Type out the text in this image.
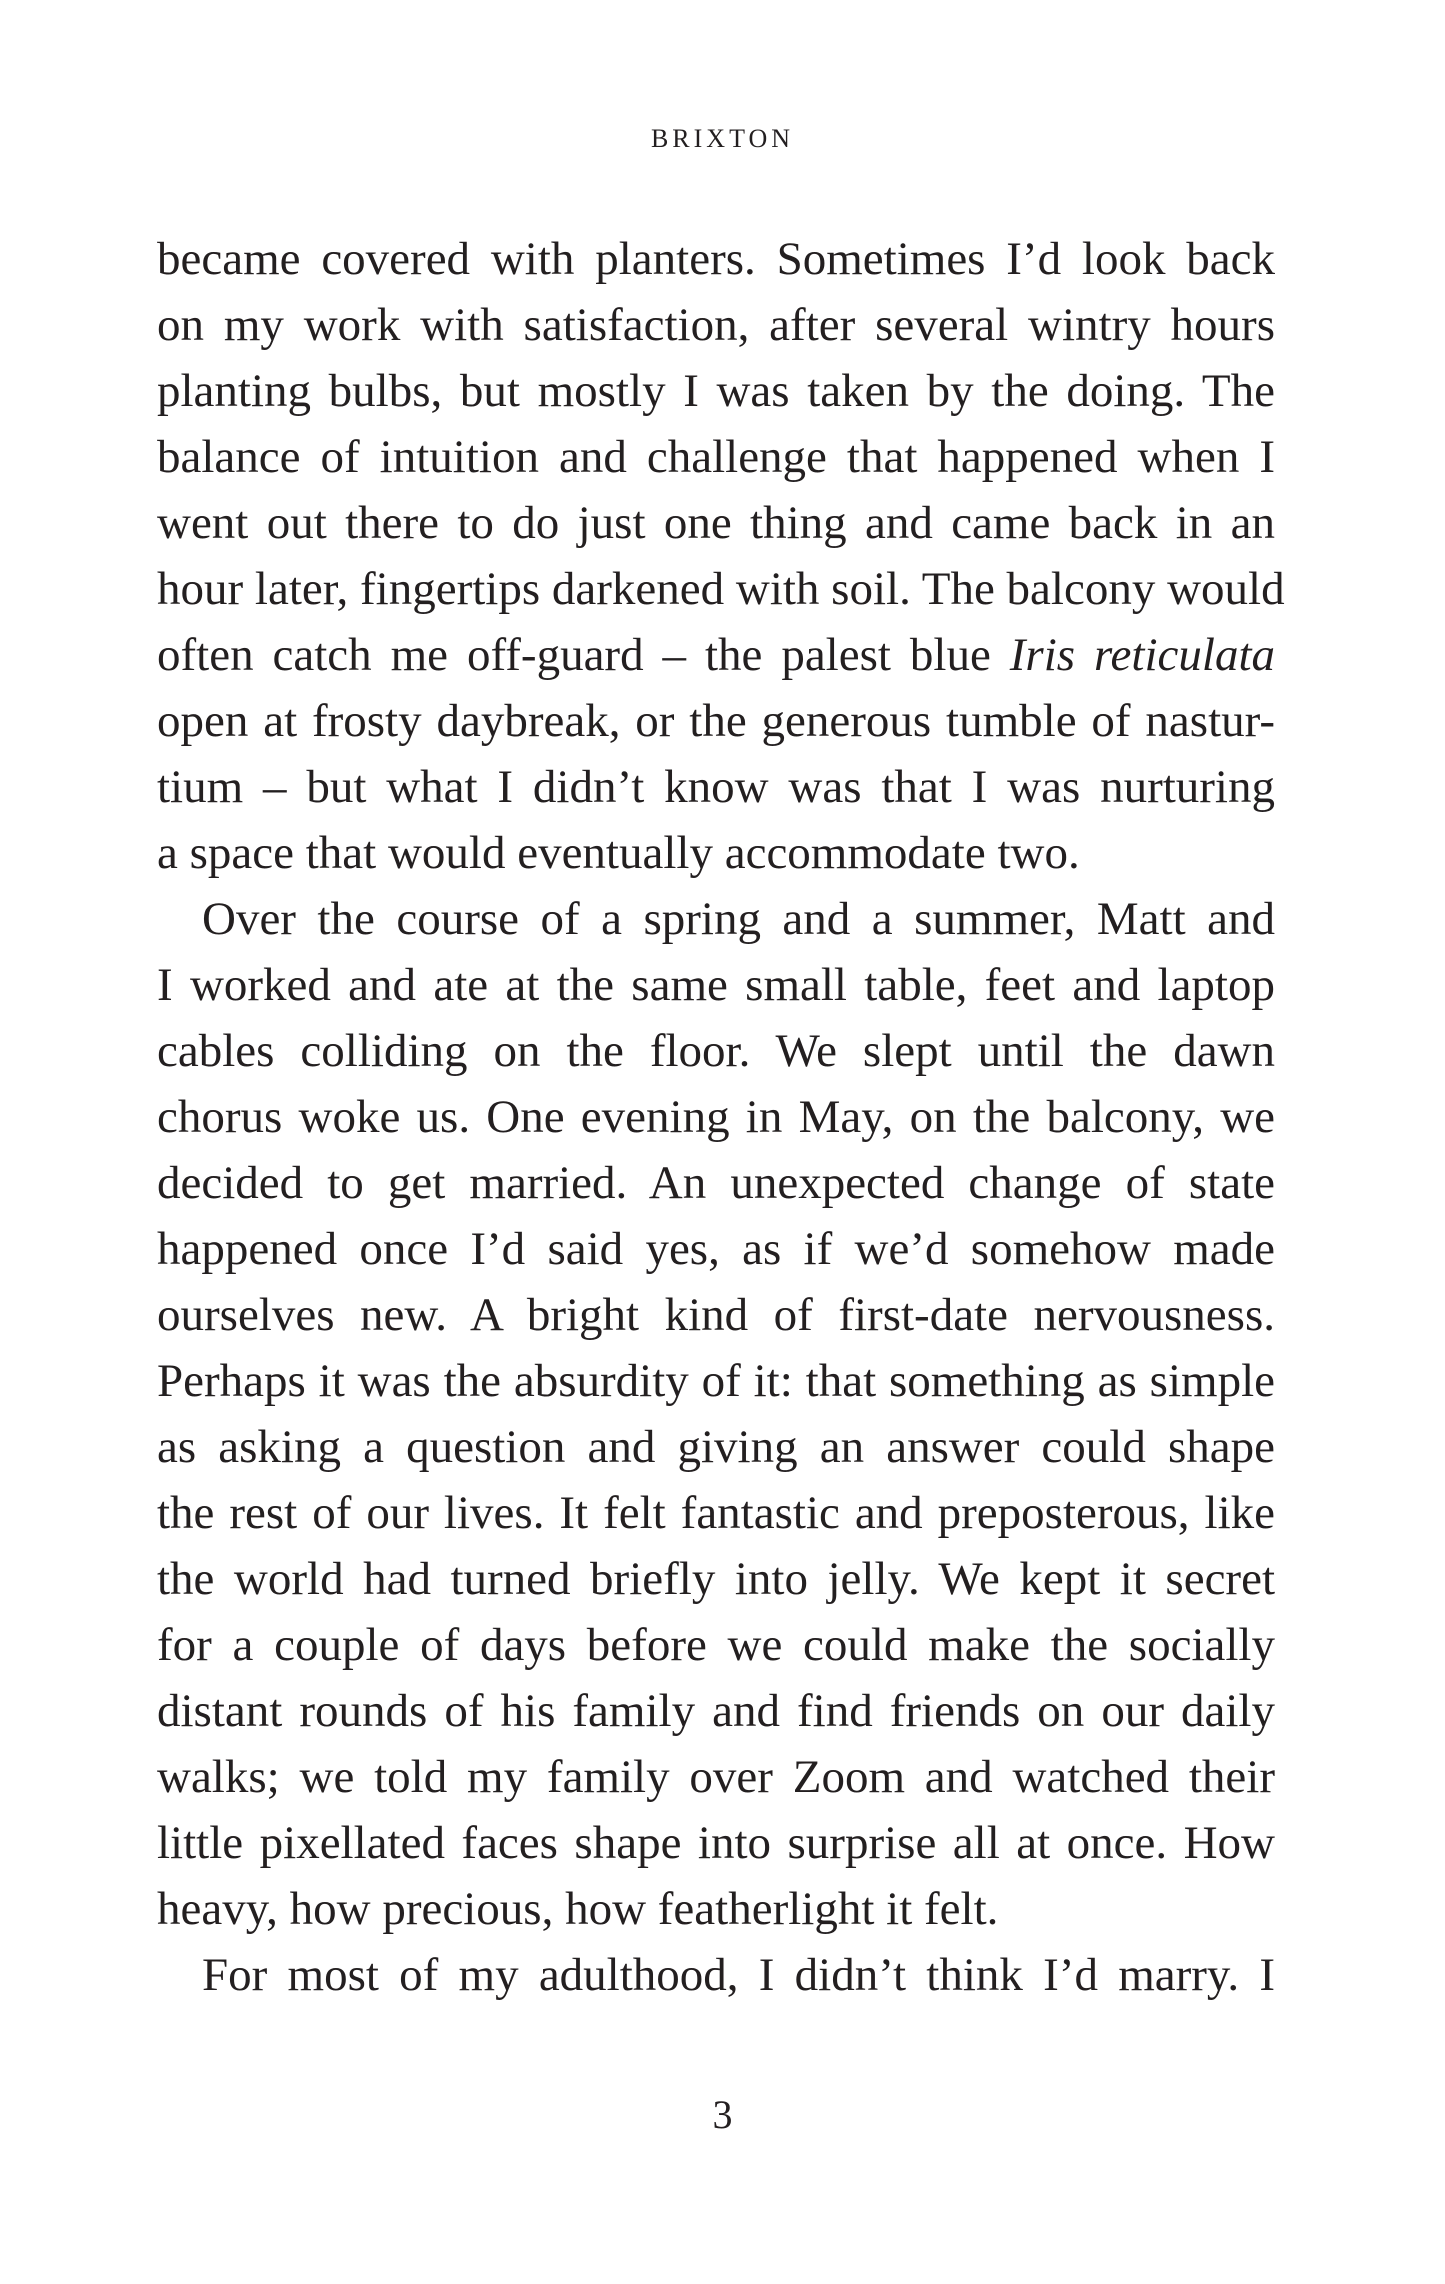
BRIXTON
became covered with planters. Sometimes I’d look back
on my work with satisfaction, after several wintry hours
planting bulbs, but mostly I was taken by the doing. The
balance of intuition and challenge that happened when I
went out there to do just one thing and came back in an
hour later, fingertips darkened with soil. The balcony would
often catch me off-guard – the palest blue Iris reticulata
open at frosty daybreak, or the generous tumble of nastur-
tium – but what I didn’t know was that I was nurturing
a space that would eventually accommodate two.
Over the course of a spring and a summer, Matt and
I worked and ate at the same small table, feet and laptop
cables colliding on the floor. We slept until the dawn
chorus woke us. One evening in May, on the balcony, we
decided to get married. An unexpected change of state
happened once I’d said yes, as if we’d somehow made
ourselves new. A bright kind of first-date nervousness.
Perhaps it was the absurdity of it: that something as simple
as asking a question and giving an answer could shape
the rest of our lives. It felt fantastic and preposterous, like
the world had turned briefly into jelly. We kept it secret
for a couple of days before we could make the socially
distant rounds of his family and find friends on our daily
walks; we told my family over Zoom and watched their
little pixellated faces shape into surprise all at once. How
heavy, how precious, how featherlight it felt.
For most of my adulthood, I didn’t think I’d marry. I
3
